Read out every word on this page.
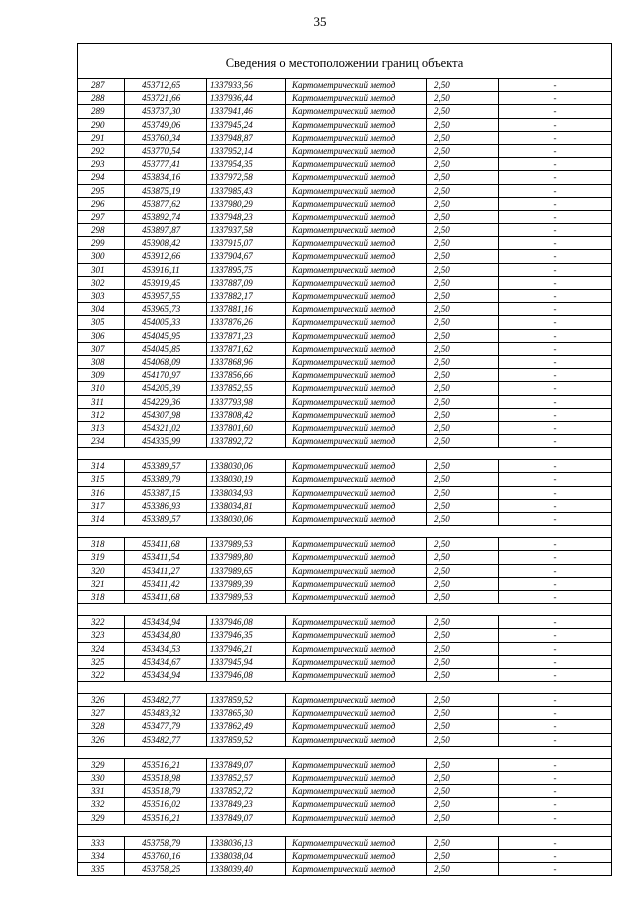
35
Сведения о местоположении границ объекта
287	453712,65	1337933,56	Картометрический метод	2,50	-
288	453721,66	1337936,44	Картометрический метод	2,50	-
289	453737,30	1337941,46	Картометрический метод	2,50	-
290	453749,06	1337945,24	Картометрический метод	2,50	-
291	453760,34	1337948,87	Картометрический метод	2,50	-
292	453770,54	1337952,14	Картометрический метод	2,50	-
293	453777,41	1337954,35	Картометрический метод	2,50	-
294	453834,16	1337972,58	Картометрический метод	2,50	-
295	453875,19	1337985,43	Картометрический метод	2,50	-
296	453877,62	1337980,29	Картометрический метод	2,50	-
297	453892,74	1337948,23	Картометрический метод	2,50	-
298	453897,87	1337937,58	Картометрический метод	2,50	-
299	453908,42	1337915,07	Картометрический метод	2,50	-
300	453912,66	1337904,67	Картометрический метод	2,50	-
301	453916,11	1337895,75	Картометрический метод	2,50	-
302	453919,45	1337887,09	Картометрический метод	2,50	-
303	453957,55	1337882,17	Картометрический метод	2,50	-
304	453965,73	1337881,16	Картометрический метод	2,50	-
305	454005,33	1337876,26	Картометрический метод	2,50	-
306	454045,95	1337871,23	Картометрический метод	2,50	-
307	454045,85	1337871,62	Картометрический метод	2,50	-
308	454068,09	1337868,96	Картометрический метод	2,50	-
309	454170,97	1337856,66	Картометрический метод	2,50	-
310	454205,39	1337852,55	Картометрический метод	2,50	-
311	454229,36	1337793,98	Картометрический метод	2,50	-
312	454307,98	1337808,42	Картометрический метод	2,50	-
313	454321,02	1337801,60	Картометрический метод	2,50	-
234	454335,99	1337892,72	Картометрический метод	2,50	-
314	453389,57	1338030,06	Картометрический метод	2,50	-
315	453389,79	1338030,19	Картометрический метод	2,50	-
316	453387,15	1338034,93	Картометрический метод	2,50	-
317	453386,93	1338034,81	Картометрический метод	2,50	-
314	453389,57	1338030,06	Картометрический метод	2,50	-
318	453411,68	1337989,53	Картометрический метод	2,50	-
319	453411,54	1337989,80	Картометрический метод	2,50	-
320	453411,27	1337989,65	Картометрический метод	2,50	-
321	453411,42	1337989,39	Картометрический метод	2,50	-
318	453411,68	1337989,53	Картометрический метод	2,50	-
322	453434,94	1337946,08	Картометрический метод	2,50	-
323	453434,80	1337946,35	Картометрический метод	2,50	-
324	453434,53	1337946,21	Картометрический метод	2,50	-
325	453434,67	1337945,94	Картометрический метод	2,50	-
322	453434,94	1337946,08	Картометрический метод	2,50	-
326	453482,77	1337859,52	Картометрический метод	2,50	-
327	453483,32	1337865,30	Картометрический метод	2,50	-
328	453477,79	1337862,49	Картометрический метод	2,50	-
326	453482,77	1337859,52	Картометрический метод	2,50	-
329	453516,21	1337849,07	Картометрический метод	2,50	-
330	453518,98	1337852,57	Картометрический метод	2,50	-
331	453518,79	1337852,72	Картометрический метод	2,50	-
332	453516,02	1337849,23	Картометрический метод	2,50	-
329	453516,21	1337849,07	Картометрический метод	2,50	-
333	453758,79	1338036,13	Картометрический метод	2,50	-
334	453760,16	1338038,04	Картометрический метод	2,50	-
335	453758,25	1338039,40	Картометрический метод	2,50	-
